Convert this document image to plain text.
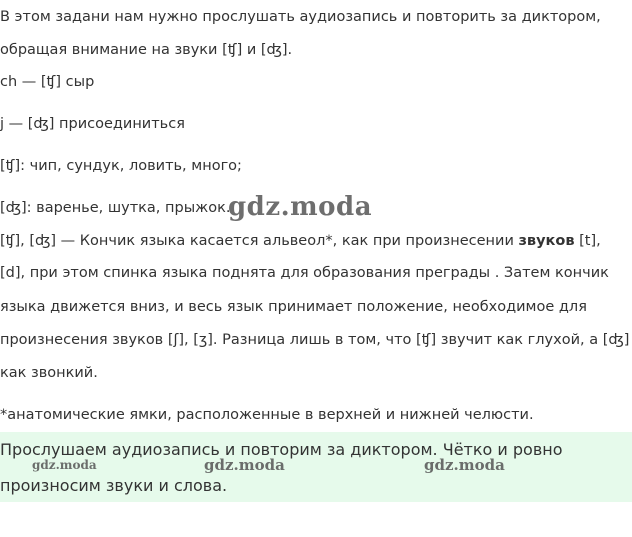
В этом задани нам нужно прослушать аудиозапись и повторить за диктором,

обращая внимание на звуки [ʧ] и [ʤ].

ch — [ʧ] сыр

j — [ʤ] присоединиться

[ʧ]: чип, сундук, ловить, много;

[ʤ]: варенье, шутка, прыжок.

[ʧ], [ʤ] — Кончик языка касается альвеол*, как при произнесении звуков [t],

[d], при этом спинка языка поднята для образования преграды . Затем кончик

языка движется вниз, и весь язык принимает положение, необходимое для

произнесения звуков [ʃ], [ʒ]. Разница лишь в том, что [ʧ] звучит как глухой, а [ʤ]

как звонкий.

*анатомические ямки, расположенные в верхней и нижней челюсти.
Прослушаем аудиозапись и повторим за диктором. Чётко и ровно
произносим звуки и слова.
gdz.moda
gdz.moda	gdz.moda	gdz.moda
